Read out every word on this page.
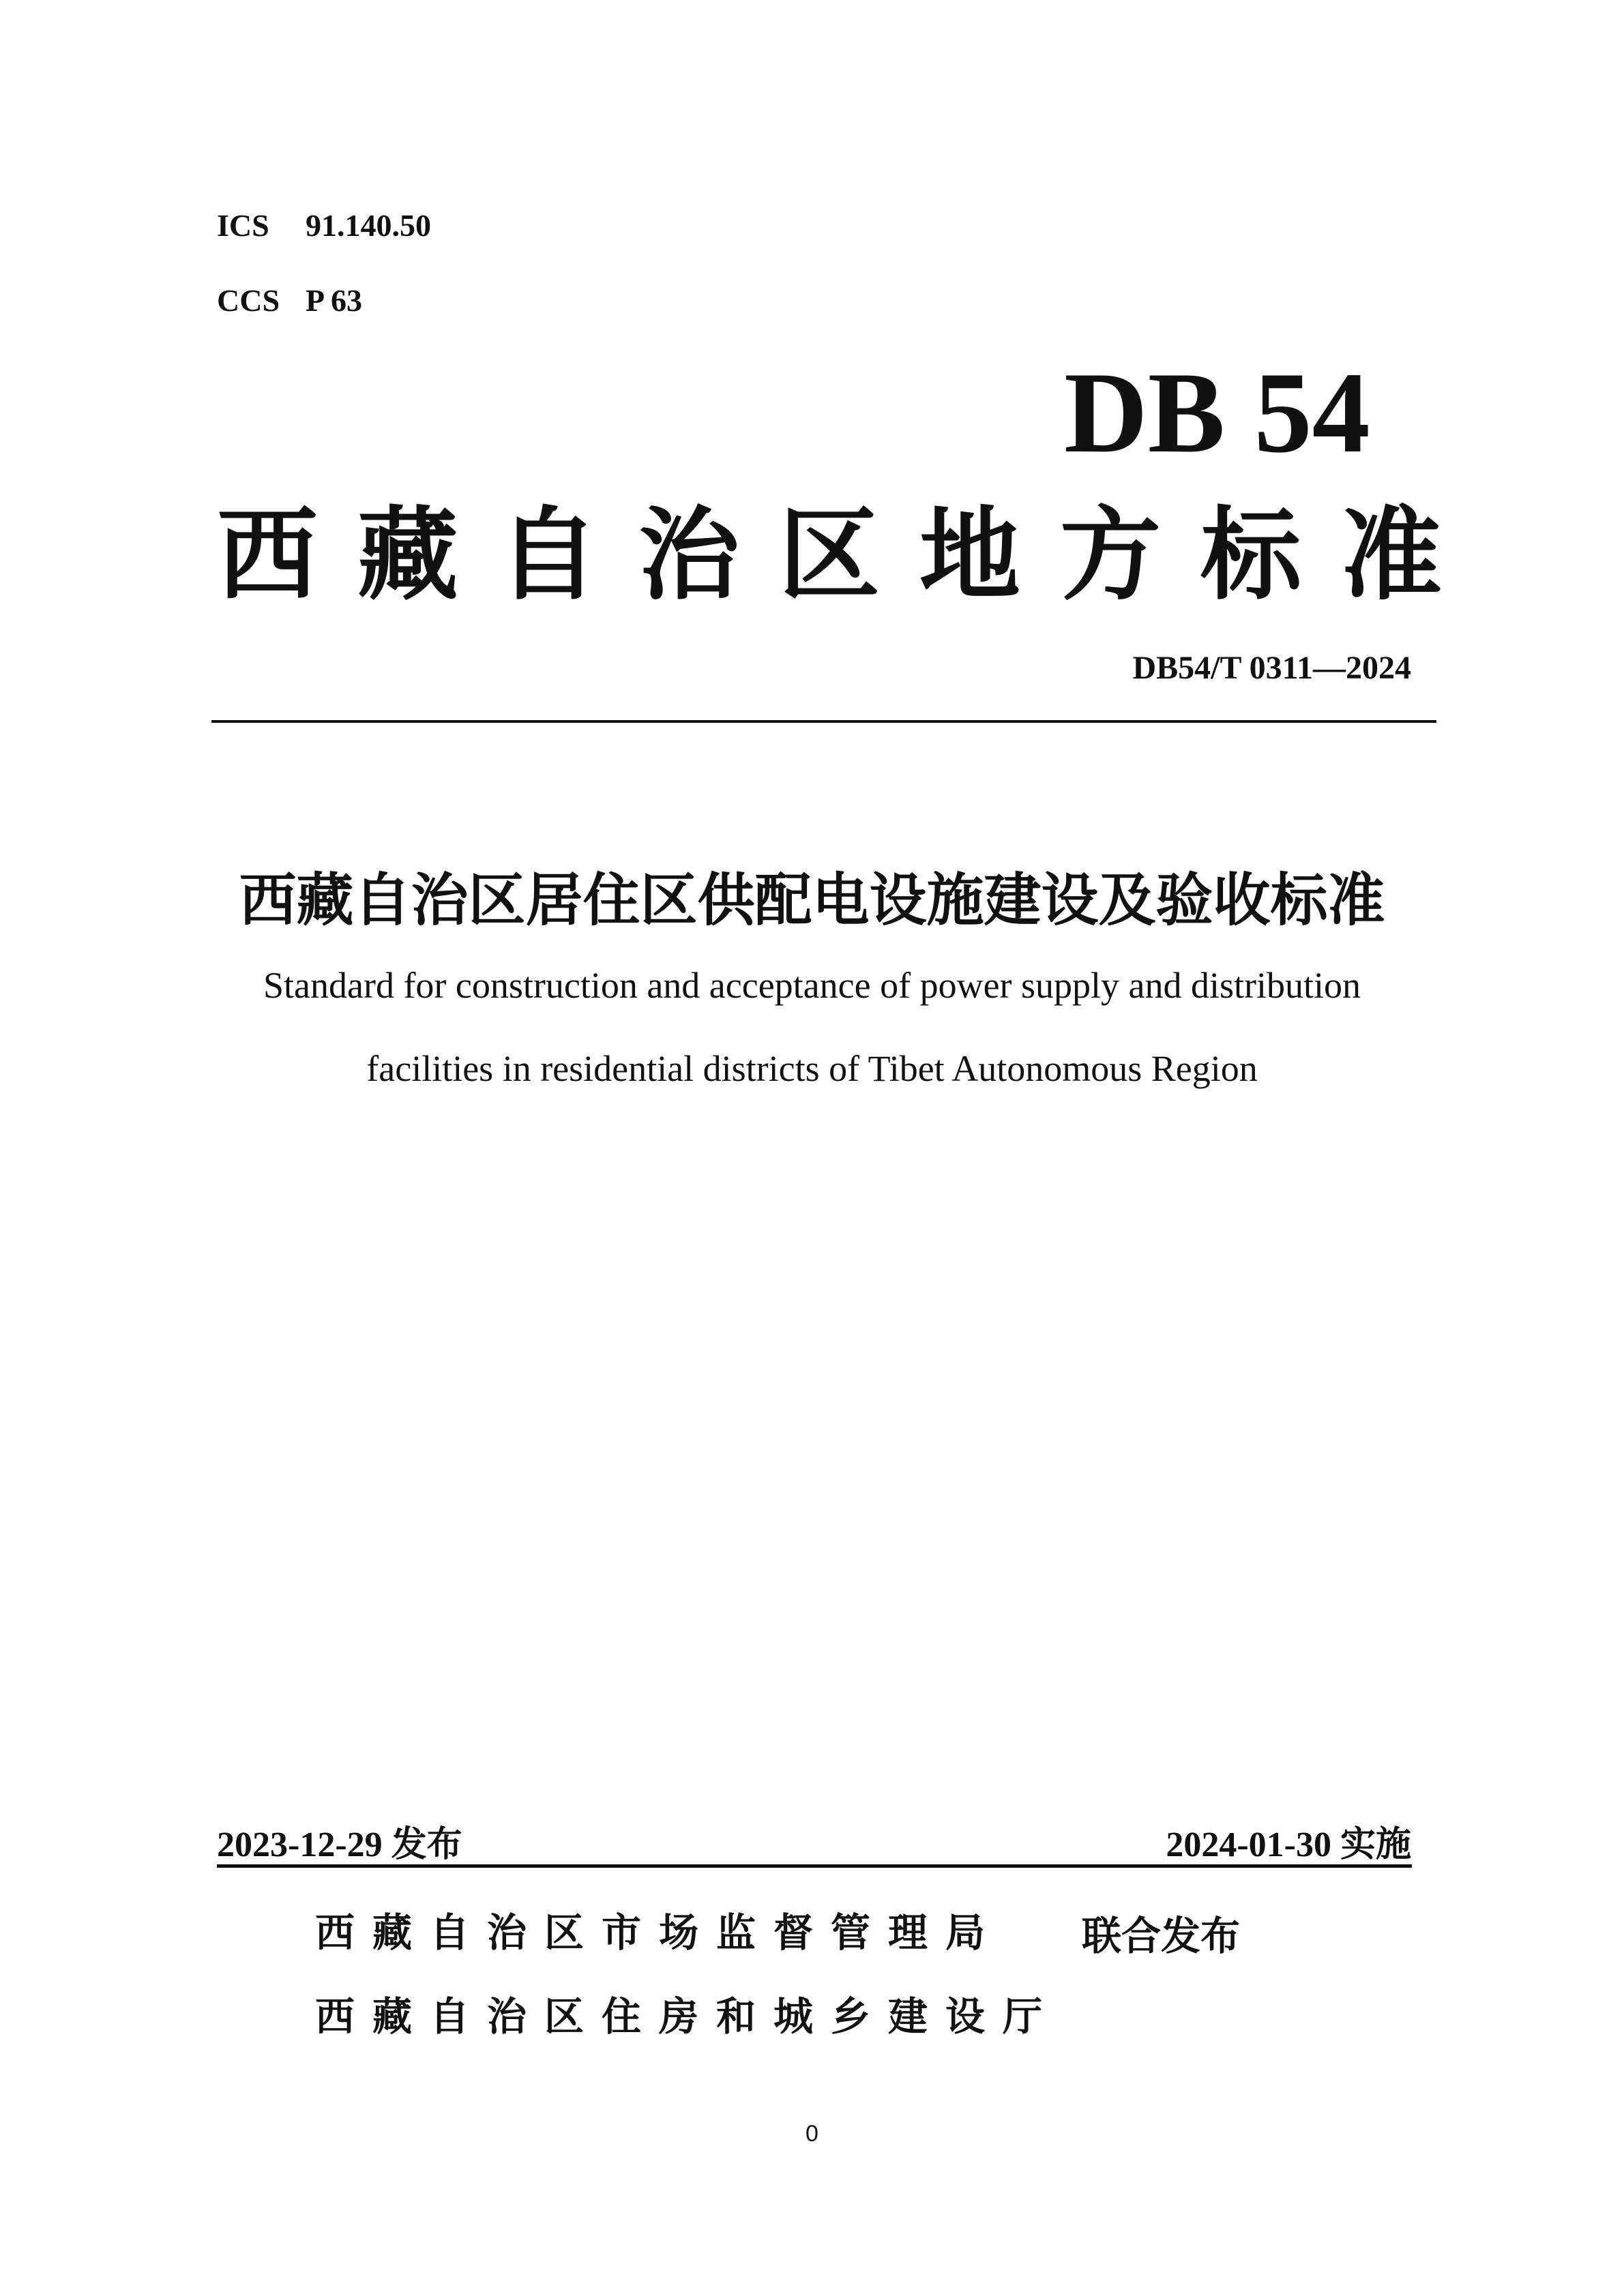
ICS 91.140.50
CCS P 63
DB 54
西藏自治区地方标准
DB54/T 0311—2024
西藏自治区居住区供配电设施建设及验收标准
Standard for construction and acceptance of power supply and distribution
facilities in residential districts of Tibet Autonomous Region
2023-12-29 发布	2024-01-30 实施
西藏自治区市场监督管理局 联合发布
西藏自治区住房和城乡建设厅
0
